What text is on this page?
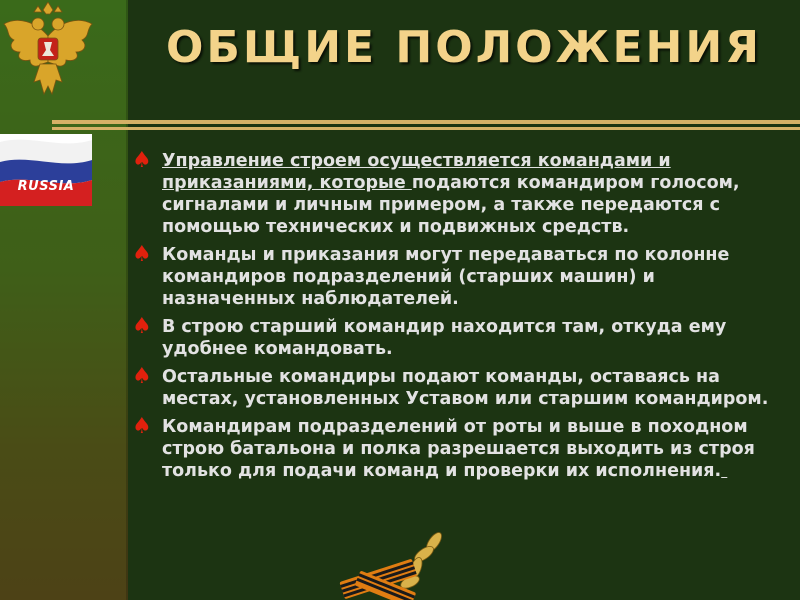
RUSSIA
ОБЩИЕ ПОЛОЖЕНИЯ
♠ Управление строем осуществляется командами и приказаниями, которые подаются командиром голосом, сигналами и личным примером, а также передаются с помощью технических и подвижных средств.
♠ Команды и приказания могут передаваться по колонне командиров подразделений (старших машин) и назначенных наблюдателей.
♠ В строю старший командир находится там, откуда ему удобнее командовать.
♠ Остальные командиры подают команды, оставаясь на местах, установленных Уставом или старшим командиром.
♠ Командирам подразделений от роты и выше в походном строю батальона и полка разрешается выходить из строя только для подачи команд и проверки их исполнения.
